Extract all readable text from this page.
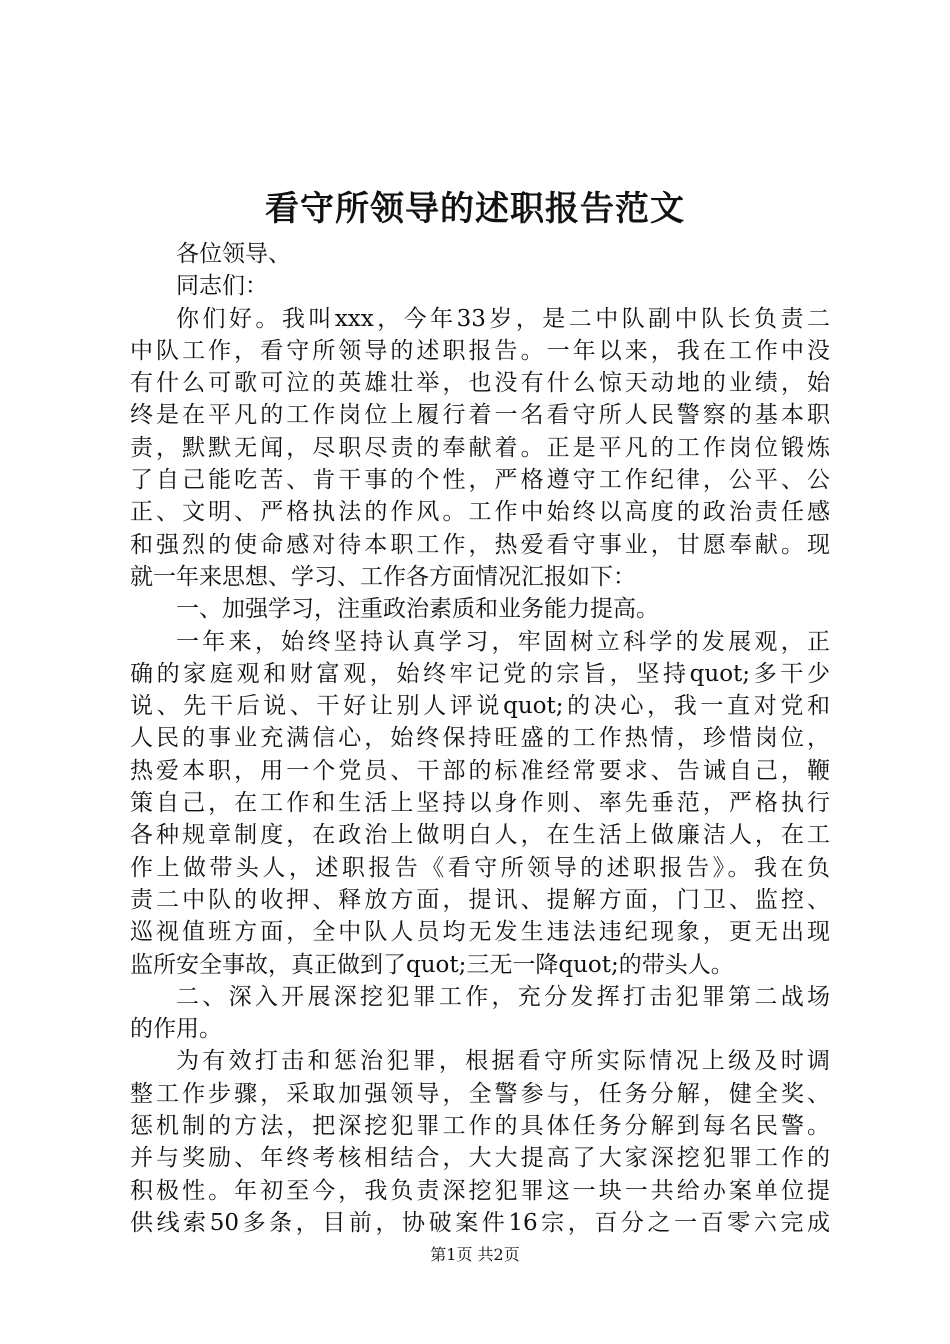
看守所领导的述职报告范文
各位领导、
同志们：
你们好。我叫xxx，今年33岁，是二中队副中队长负责二
中队工作，看守所领导的述职报告。一年以来，我在工作中没
有什么可歌可泣的英雄壮举，也没有什么惊天动地的业绩，始
终是在平凡的工作岗位上履行着一名看守所人民警察的基本职
责，默默无闻，尽职尽责的奉献着。正是平凡的工作岗位锻炼
了自己能吃苦、肯干事的个性，严格遵守工作纪律，公平、公
正、文明、严格执法的作风。工作中始终以高度的政治责任感
和强烈的使命感对待本职工作，热爱看守事业，甘愿奉献。现
就一年来思想、学习、工作各方面情况汇报如下：
一、加强学习，注重政治素质和业务能力提高。
一年来，始终坚持认真学习，牢固树立科学的发展观，正
确的家庭观和财富观，始终牢记党的宗旨，坚持quot;多干少
说、先干后说、干好让别人评说quot;的决心，我一直对党和
人民的事业充满信心，始终保持旺盛的工作热情，珍惜岗位，
热爱本职，用一个党员、干部的标准经常要求、告诫自己，鞭
策自己，在工作和生活上坚持以身作则、率先垂范，严格执行
各种规章制度，在政治上做明白人，在生活上做廉洁人，在工
作上做带头人，述职报告《看守所领导的述职报告》。我在负
责二中队的收押、释放方面，提讯、提解方面，门卫、监控、
巡视值班方面，全中队人员均无发生违法违纪现象，更无出现
监所安全事故，真正做到了quot;三无一降quot;的带头人。
二、深入开展深挖犯罪工作，充分发挥打击犯罪第二战场
的作用。
为有效打击和惩治犯罪，根据看守所实际情况上级及时调
整工作步骤，采取加强领导，全警参与，任务分解，健全奖、
惩机制的方法，把深挖犯罪工作的具体任务分解到每名民警。
并与奖励、年终考核相结合，大大提高了大家深挖犯罪工作的
积极性。年初至今，我负责深挖犯罪这一块一共给办案单位提
供线索50多条，目前，协破案件16宗，百分之一百零六完成
第1页 共2页
